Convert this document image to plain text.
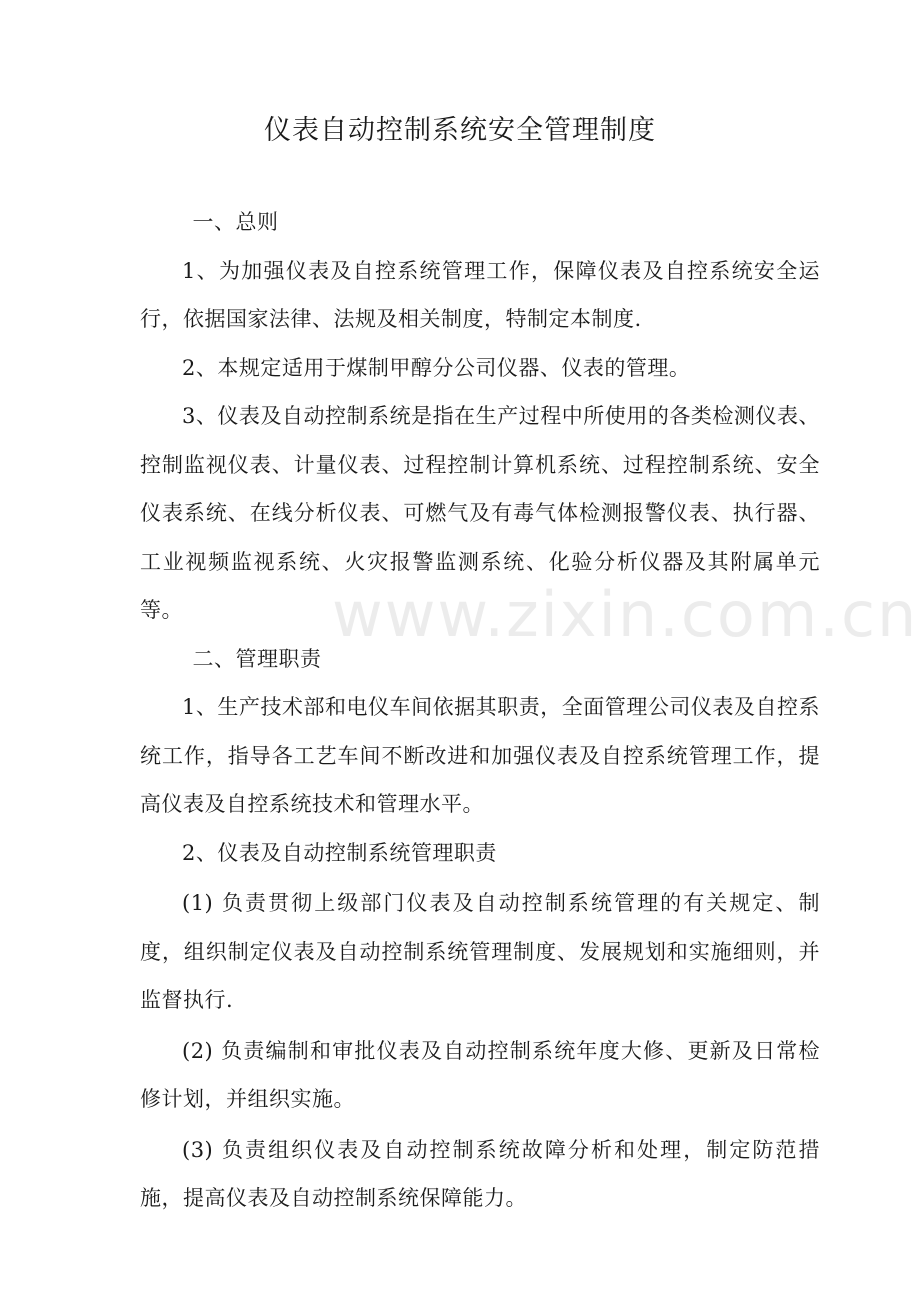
仪表自动控制系统安全管理制度
www.zixin.com.cn

一、总则

1、为加强仪表及自控系统管理工作，保障仪表及自控系统安全运行，依据国家法律、法规及相关制度，特制定本制度.

2、本规定适用于煤制甲醇分公司仪器、仪表的管理。

3、仪表及自动控制系统是指在生产过程中所使用的各类检测仪表、控制监视仪表、计量仪表、过程控制计算机系统、过程控制系统、安全仪表系统、在线分析仪表、可燃气及有毒气体检测报警仪表、执行器、工业视频监视系统、火灾报警监测系统、化验分析仪器及其附属单元等。

二、管理职责

1、生产技术部和电仪车间依据其职责，全面管理公司仪表及自控系统工作，指导各工艺车间不断改进和加强仪表及自控系统管理工作，提高仪表及自控系统技术和管理水平。

2、仪表及自动控制系统管理职责

(1) 负责贯彻上级部门仪表及自动控制系统管理的有关规定、制度，组织制定仪表及自动控制系统管理制度、发展规划和实施细则，并监督执行.

(2) 负责编制和审批仪表及自动控制系统年度大修、更新及日常检修计划，并组织实施。

(3) 负责组织仪表及自动控制系统故障分析和处理，制定防范措施，提高仪表及自动控制系统保障能力。
